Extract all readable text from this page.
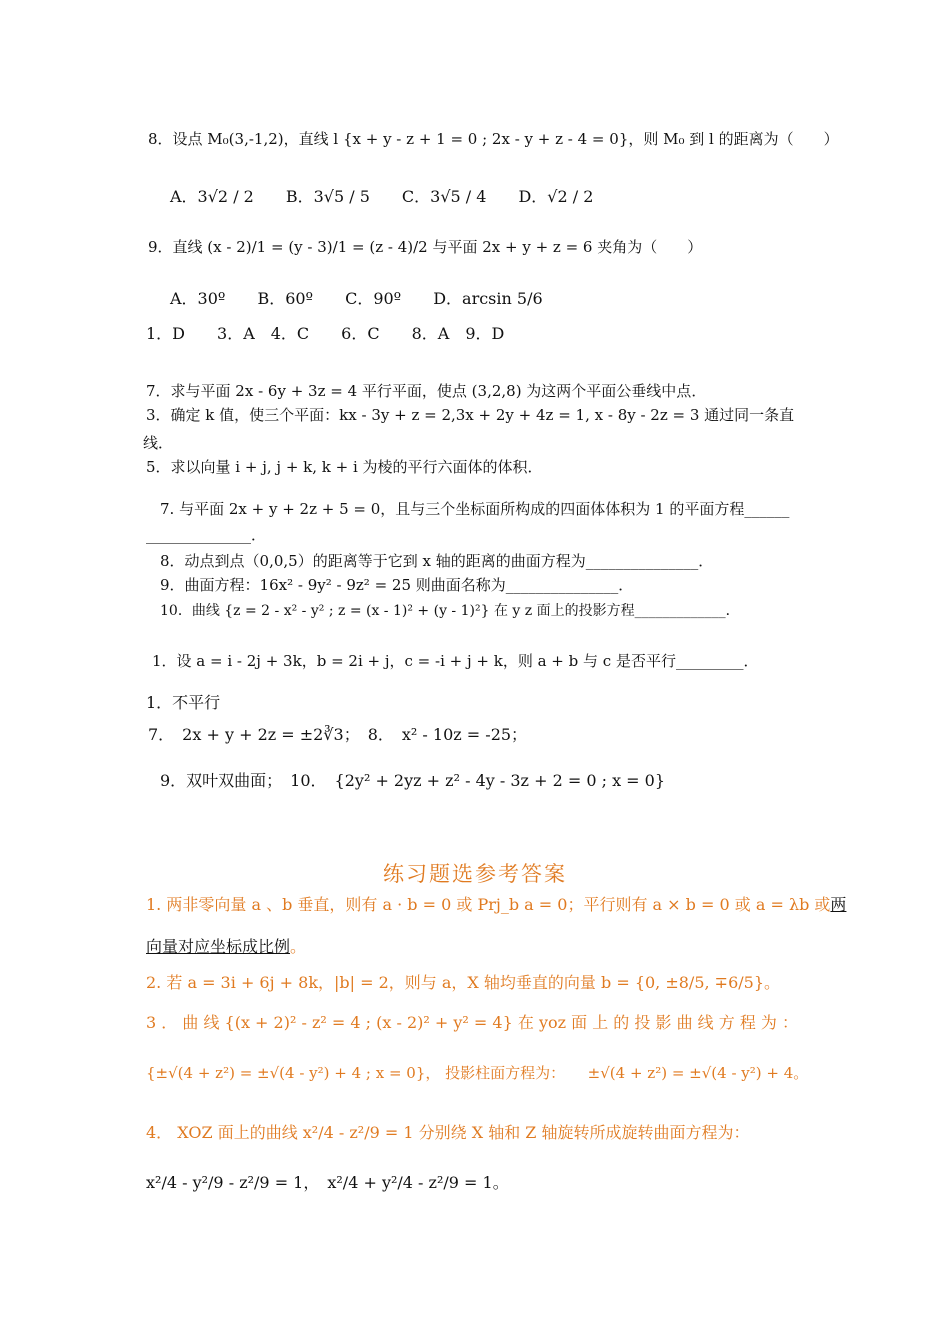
8．设点 M₀(3,-1,2)，直线 l {x + y - z + 1 = 0 ; 2x - y + z - 4 = 0}，则 M₀ 到 l 的距离为（　　）
A．3√2 / 2　　B．3√5 / 5　　C．3√5 / 4　　D．√2 / 2
9．直线 (x - 2)/1 = (y - 3)/1 = (z - 4)/2 与平面 2x + y + z = 6 夹角为（　　）
A．30º　　B．60º　　C．90º　　D．arcsin 5/6
1．D　　3．A　4．C　　6．C　　8．A　9．D
7．求与平面 2x - 6y + 3z = 4 平行平面，使点 (3,2,8) 为这两个平面公垂线中点．
3．确定 k 值，使三个平面：kx - 3y + z = 2,3x + 2y + 4z = 1, x - 8y - 2z = 3 通过同一条直
线．
5．求以向量 i + j, j + k, k + i 为棱的平行六面体的体积．
7. 与平面 2x + y + 2z + 5 = 0，且与三个坐标面所构成的四面体体积为 1 的平面方程______
______________．
8．动点到点（0,0,5）的距离等于它到 x 轴的距离的曲面方程为_______________．
9．曲面方程：16x² - 9y² - 9z² = 25 则曲面名称为_______________．
10．曲线 {z = 2 - x² - y² ; z = (x - 1)² + (y - 1)²} 在 y z 面上的投影方程_____________．
1．设 a = i - 2j + 3k，b = 2i + j，c = -i + j + k，则 a + b 与 c 是否平行_________．
1．不平行
7．　2x + y + 2z = ±2∛3；　8．　x² - 10z = -25；
9．双叶双曲面；　10．　{2y² + 2yz + z² - 4y - 3z + 2 = 0 ; x = 0}
练习题选参考答案
1. 两非零向量 a 、b 垂直，则有 a · b = 0 或 Prj_b a = 0；平行则有 a × b = 0 或 a = λb 或两
向量对应坐标成比例。
2. 若 a = 3i + 6j + 8k，|b| = 2，则与 a，X 轴均垂直的向量 b = {0, ±8/5, ∓6/5}。
3 ． 曲 线 {(x + 2)² - z² = 4 ; (x - 2)² + y² = 4} 在 yoz 面 上 的 投 影 曲 线 方 程 为 ：
{±√(4 + z²) = ±√(4 - y²) + 4 ; x = 0}， 投影柱面方程为：　　±√(4 + z²) = ±√(4 - y²) + 4。
4． XOZ 面上的曲线 x²/4 - z²/9 = 1 分别绕 X 轴和 Z 轴旋转所成旋转曲面方程为：
x²/4 - y²/9 - z²/9 = 1，　x²/4 + y²/4 - z²/9 = 1。
